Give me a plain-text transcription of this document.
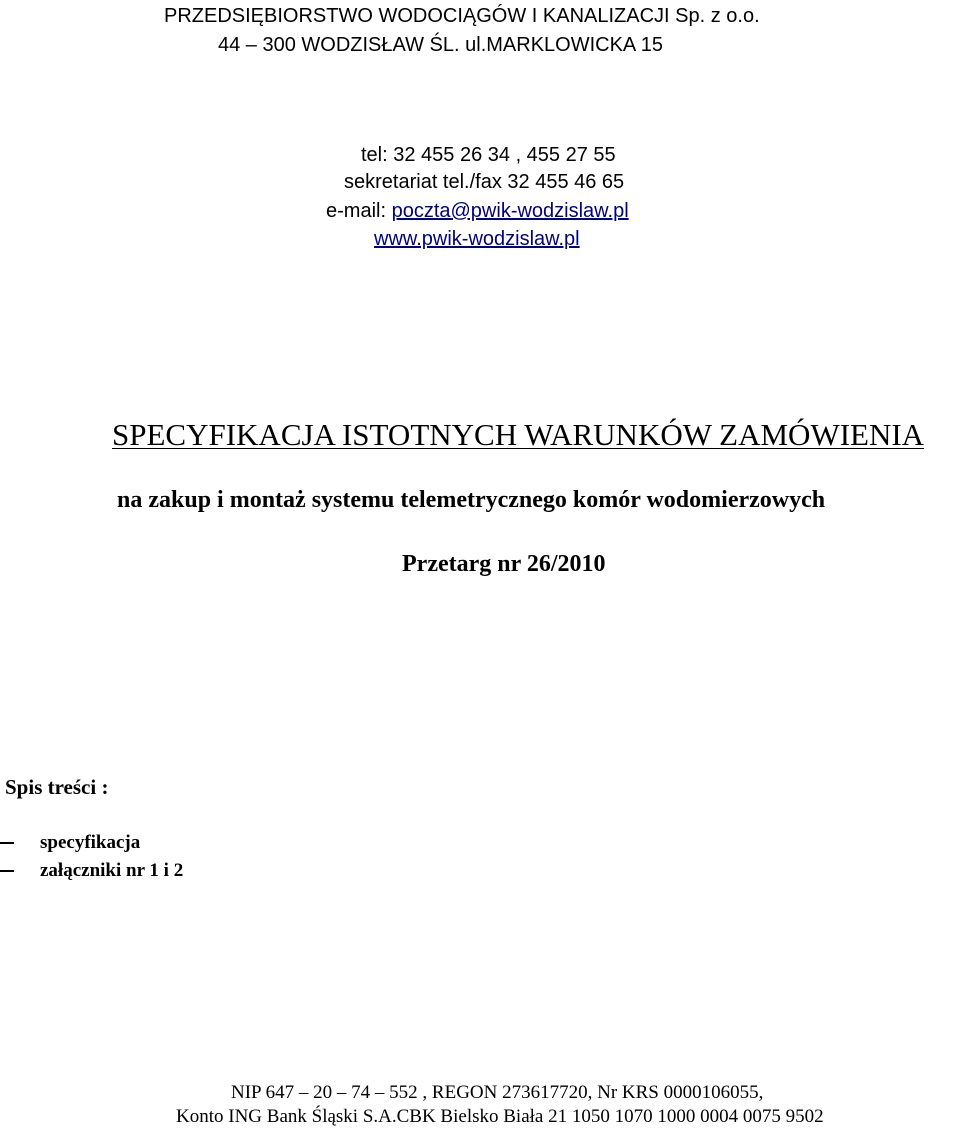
PRZEDSIĘBIORSTWO WODOCIĄGÓW I KANALIZACJI Sp. z o.o.
44 – 300 WODZISŁAW ŚL. ul.MARKLOWICKA 15
tel: 32 455 26 34 , 455 27 55
sekretariat tel./fax 32 455 46 65
e-mail: poczta@pwik-wodzislaw.pl
www.pwik-wodzislaw.pl
SPECYFIKACJA ISTOTNYCH WARUNKÓW ZAMÓWIENIA
na zakup i montaż systemu telemetrycznego komór wodomierzowych
Przetarg nr 26/2010
Spis treści :
specyfikacja
załączniki nr 1 i 2
NIP 647 – 20 – 74 – 552 , REGON 273617720, Nr KRS 0000106055,
Konto ING Bank Śląski S.A.CBK Bielsko Biała 21 1050 1070 1000 0004 0075 9502
